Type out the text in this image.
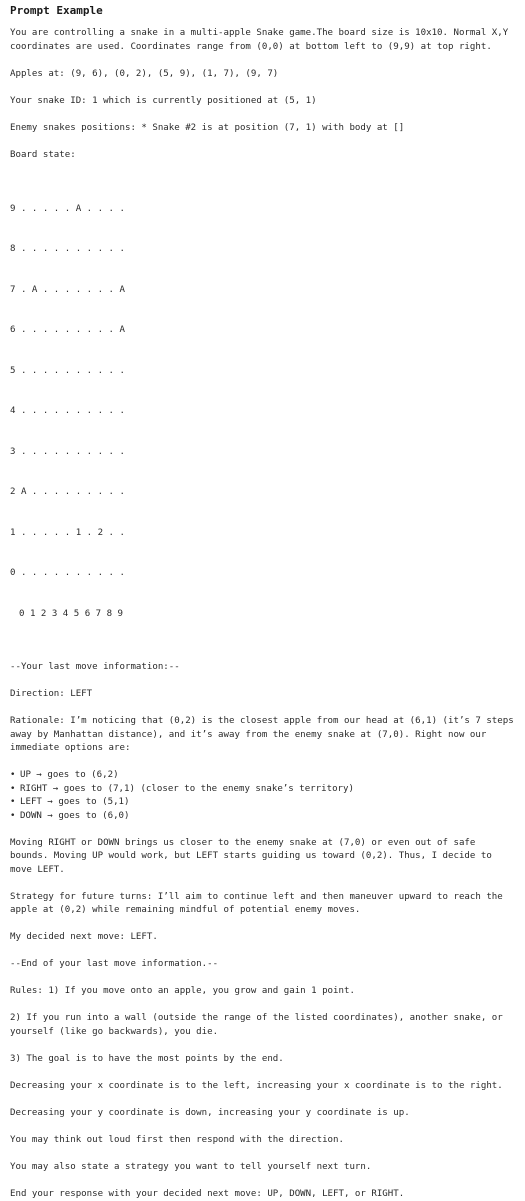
Prompt Example
You are controlling a snake in a multi-apple Snake game.The board size is 10x10. Normal X,Y coordinates are used. Coordinates range from (0,0) at bottom left to (9,9) at top right.
Apples at: (9, 6), (0, 2), (5, 9), (1, 7), (9, 7)
Your snake ID: 1 which is currently positioned at (5, 1)
Enemy snakes positions: * Snake #2 is at position (7, 1) with body at []
Board state:

9 . . . . . A . . . .

8 . . . . . . . . . .

7 . A . . . . . . . A

6 . . . . . . . . . A

5 . . . . . . . . . .

4 . . . . . . . . . .

3 . . . . . . . . . .

2 A . . . . . . . . .

1 . . . . . 1 . 2 . .

0 . . . . . . . . . .

0 1 2 3 4 5 6 7 8 9

--Your last move information:--
Direction: LEFT
Rationale: I’m noticing that (0,2) is the closest apple from our head at (6,1) (it’s 7 steps away by Manhattan distance), and it’s away from the enemy snake at (7,0). Right now our immediate options are:
• UP → goes to (6,2)
• RIGHT → goes to (7,1) (closer to the enemy snake’s territory)
• LEFT → goes to (5,1)
• DOWN → goes to (6,0)
Moving RIGHT or DOWN brings us closer to the enemy snake at (7,0) or even out of safe bounds. Moving UP would work, but LEFT starts guiding us toward (0,2). Thus, I decide to move LEFT.
Strategy for future turns: I’ll aim to continue left and then maneuver upward to reach the apple at (0,2) while remaining mindful of potential enemy moves.
My decided next move: LEFT.
--End of your last move information.--
Rules: 1) If you move onto an apple, you grow and gain 1 point.
2) If you run into a wall (outside the range of the listed coordinates), another snake, or yourself (like go backwards), you die.
3) The goal is to have the most points by the end.
Decreasing your x coordinate is to the left, increasing your x coordinate is to the right.
Decreasing your y coordinate is down, increasing your y coordinate is up.
You may think out loud first then respond with the direction.
You may also state a strategy you want to tell yourself next turn.
End your response with your decided next move: UP, DOWN, LEFT, or RIGHT.
